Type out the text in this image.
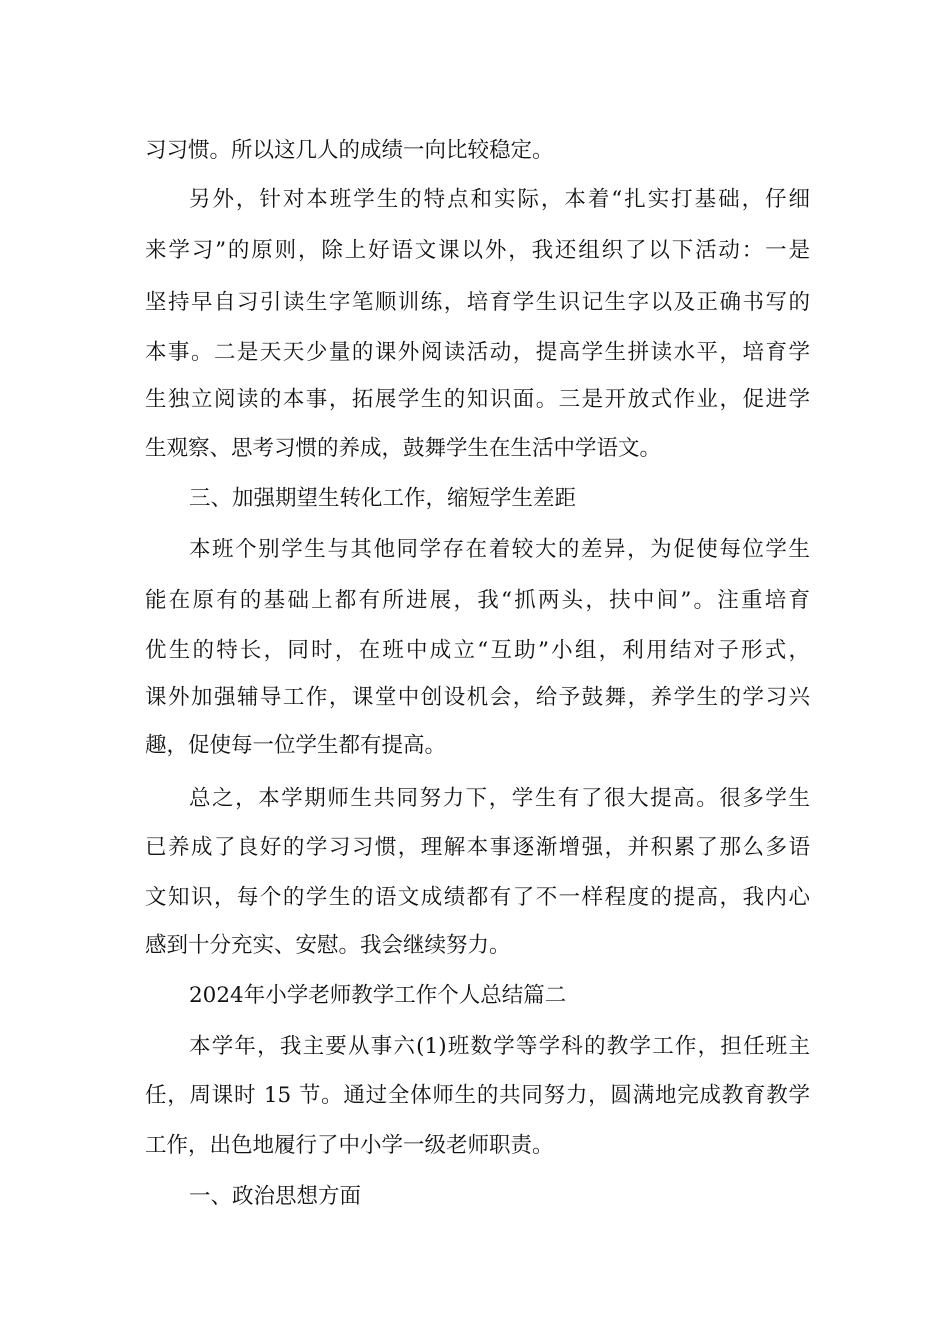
习习惯。所以这几人的成绩一向比较稳定。
另外，针对本班学生的特点和实际，本着“扎实打基础，仔细
来学习”的原则，除上好语文课以外，我还组织了以下活动：一是
坚持早自习引读生字笔顺训练，培育学生识记生字以及正确书写的
本事。二是天天少量的课外阅读活动，提高学生拼读水平，培育学
生独立阅读的本事，拓展学生的知识面。三是开放式作业，促进学
生观察、思考习惯的养成，鼓舞学生在生活中学语文。
三、加强期望生转化工作，缩短学生差距
本班个别学生与其他同学存在着较大的差异，为促使每位学生
能在原有的基础上都有所进展，我“抓两头，扶中间”。注重培育
优生的特长，同时，在班中成立“互助”小组，利用结对子形式，
课外加强辅导工作，课堂中创设机会，给予鼓舞，养学生的学习兴
趣，促使每一位学生都有提高。
总之，本学期师生共同努力下，学生有了很大提高。很多学生
已养成了良好的学习习惯，理解本事逐渐增强，并积累了那么多语
文知识，每个的学生的语文成绩都有了不一样程度的提高，我内心
感到十分充实、安慰。我会继续努力。
2024年小学老师教学工作个人总结篇二
本学年，我主要从事六(1)班数学等学科的教学工作，担任班主
任，周课时 15 节。通过全体师生的共同努力，圆满地完成教育教学
工作，出色地履行了中小学一级老师职责。
一、政治思想方面
